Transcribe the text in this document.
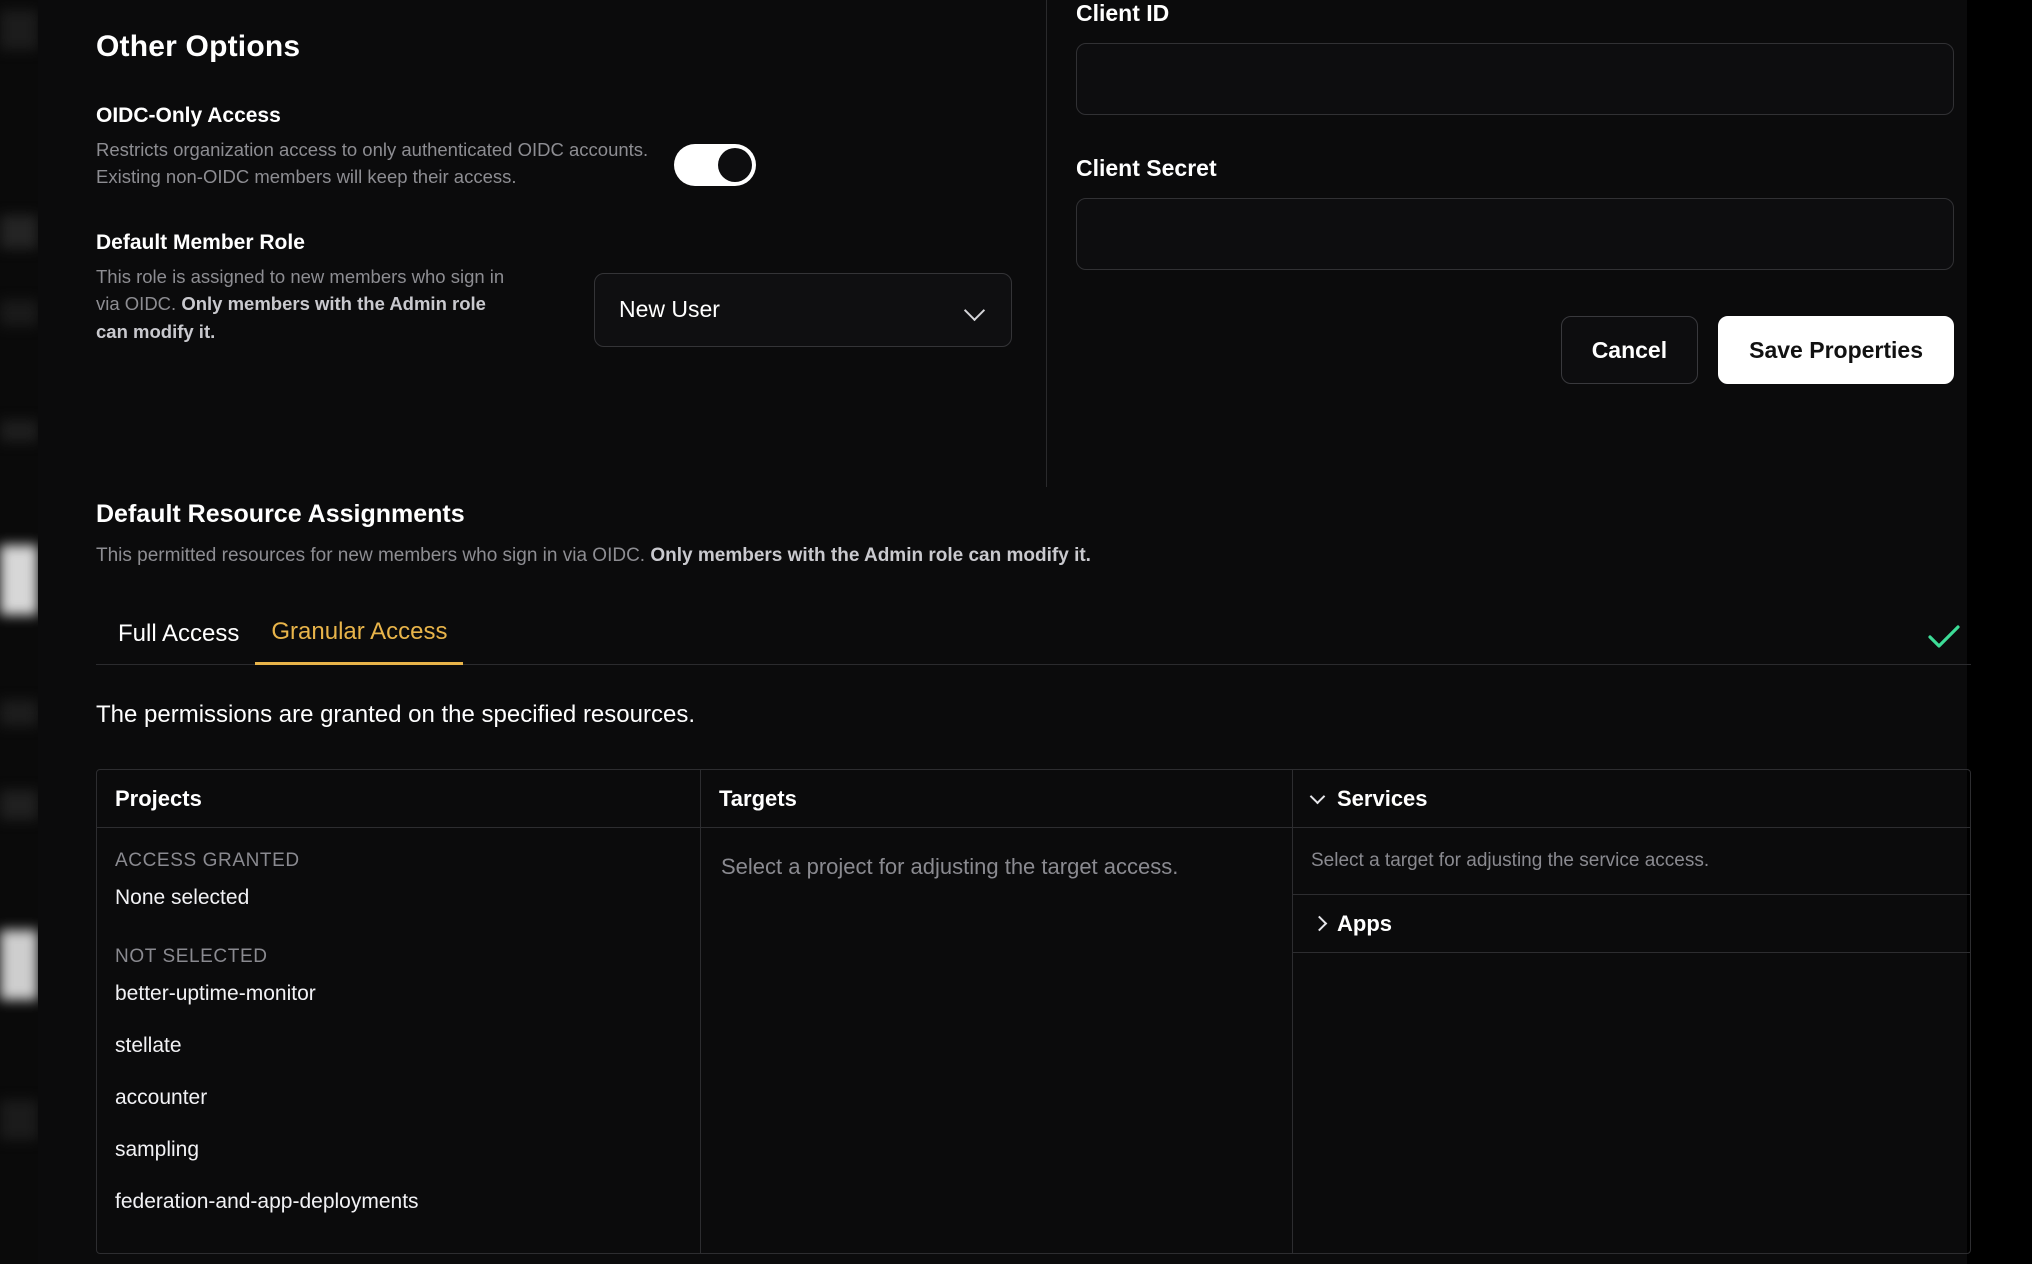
Other Options
OIDC-Only Access
Restricts organization access to only authenticated OIDC accounts.
Existing non-OIDC members will keep their access.
Default Member Role
This role is assigned to new members who sign in via OIDC. Only members with the Admin role can modify it.
New User
Client ID
Client Secret
Cancel	Save Properties
Default Resource Assignments
This permitted resources for new members who sign in via OIDC. Only members with the Admin role can modify it.
Full Access	Granular Access
The permissions are granted on the specified resources.
Projects
ACCESS GRANTED
None selected
NOT SELECTED
better-uptime-monitor
stellate
accounter
sampling
federation-and-app-deployments
Targets
Select a project for adjusting the target access.
Services
Select a target for adjusting the service access.
Apps
